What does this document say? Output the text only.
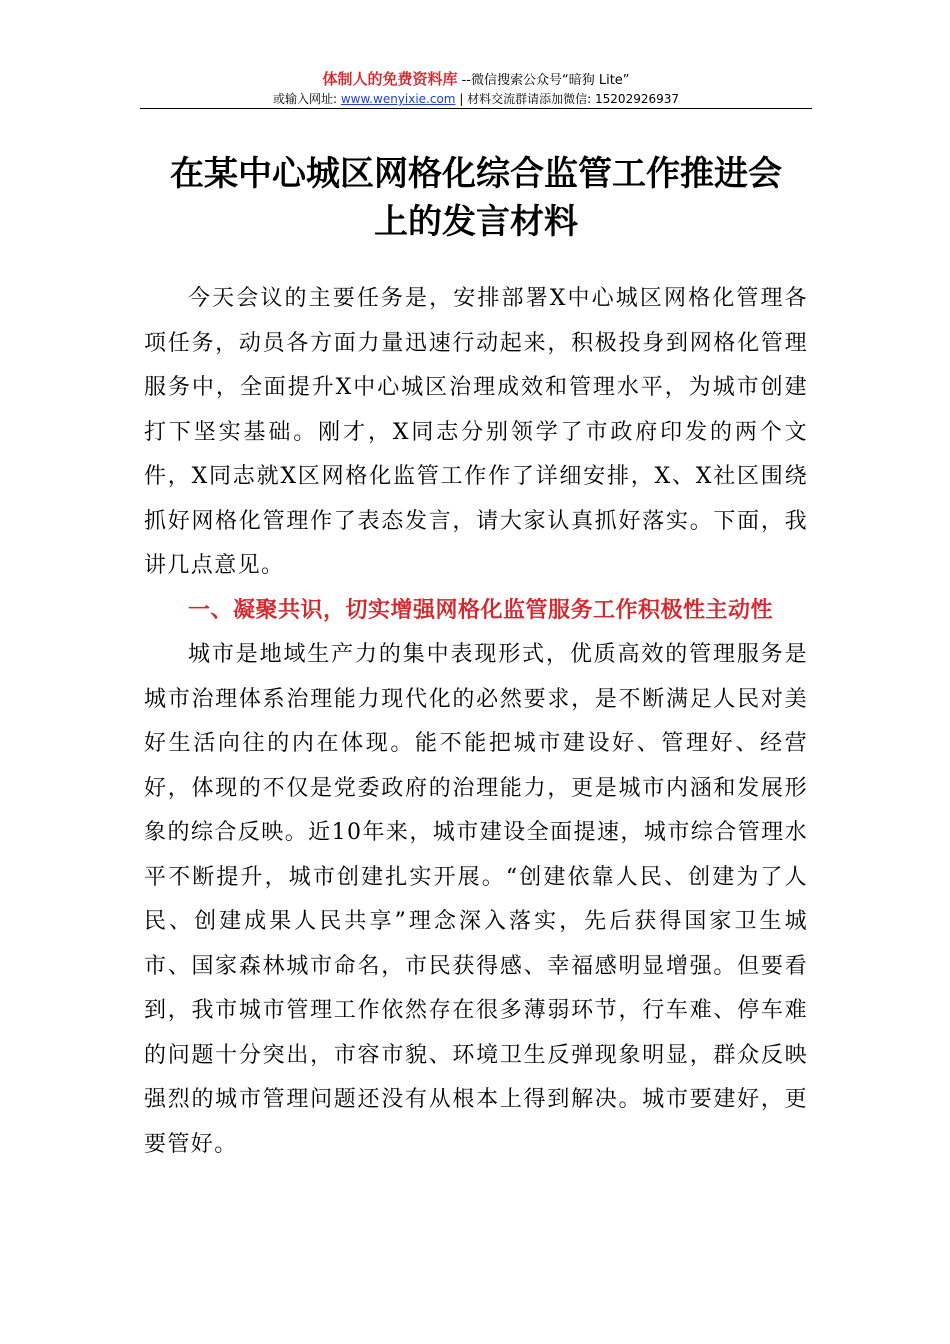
体制人的免费资料库 --微信搜索公众号“暗狗 Lite”
或输入网址: www.wenyixie.com | 材料交流群请添加微信: 15202926937
在某中心城区网格化综合监管工作推进会
上的发言材料

今天会议的主要任务是，安排部署X中心城区网格化管理各项任务，动员各方面力量迅速行动起来，积极投身到网格化管理服务中，全面提升X中心城区治理成效和管理水平，为城市创建打下坚实基础。刚才，X同志分别领学了市政府印发的两个文件，X同志就X区网格化监管工作作了详细安排，X、X社区围绕抓好网格化管理作了表态发言，请大家认真抓好落实。下面，我讲几点意见。

一、凝聚共识，切实增强网格化监管服务工作积极性主动性

城市是地域生产力的集中表现形式，优质高效的管理服务是城市治理体系治理能力现代化的必然要求，是不断满足人民对美好生活向往的内在体现。能不能把城市建设好、管理好、经营好，体现的不仅是党委政府的治理能力，更是城市内涵和发展形象的综合反映。近10年来，城市建设全面提速，城市综合管理水平不断提升，城市创建扎实开展。“创建依靠人民、创建为了人民、创建成果人民共享”理念深入落实，先后获得国家卫生城市、国家森林城市命名，市民获得感、幸福感明显增强。但要看到，我市城市管理工作依然存在很多薄弱环节，行车难、停车难的问题十分突出，市容市貌、环境卫生反弹现象明显，群众反映强烈的城市管理问题还没有从根本上得到解决。城市要建好，更要管好。
